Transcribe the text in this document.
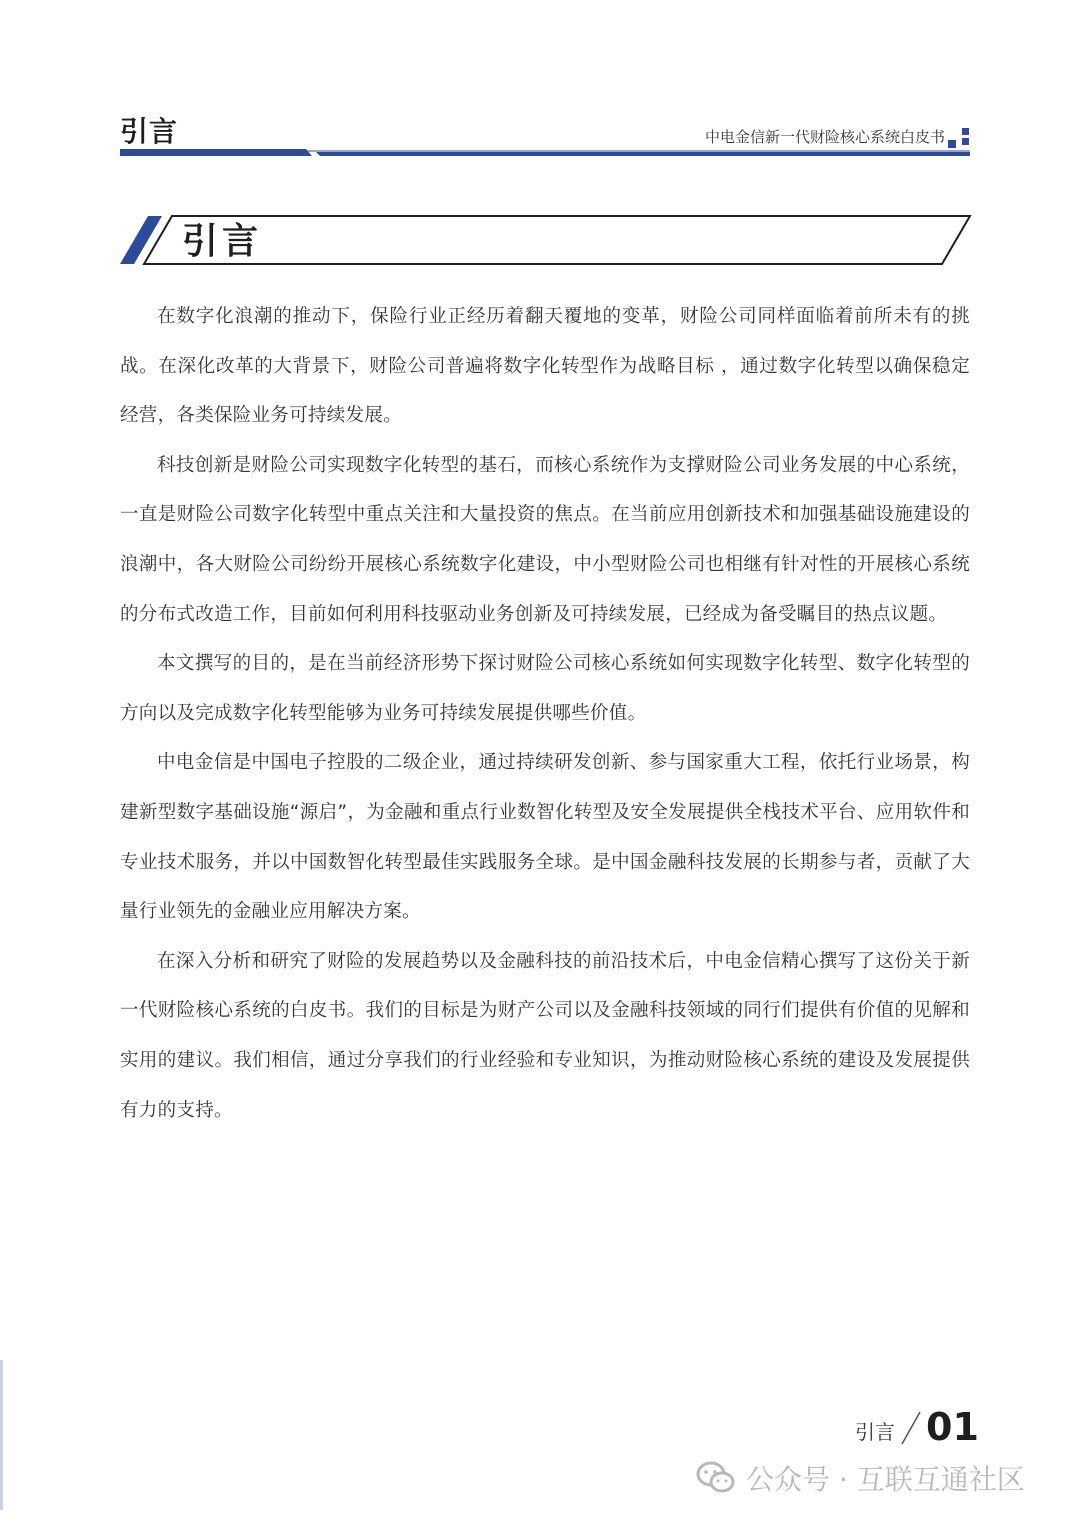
引言	中电金信新一代财险核心系统白皮书
引言

在数字化浪潮的推动下，保险行业正经历着翻天覆地的变革，财险公司同样面临着前所未有的挑战。在深化改革的大背景下，财险公司普遍将数字化转型作为战略目标 ，通过数字化转型以确保稳定经营，各类保险业务可持续发展。

科技创新是财险公司实现数字化转型的基石，而核心系统作为支撑财险公司业务发展的中心系统，一直是财险公司数字化转型中重点关注和大量投资的焦点。在当前应用创新技术和加强基础设施建设的浪潮中，各大财险公司纷纷开展核心系统数字化建设，中小型财险公司也相继有针对性的开展核心系统的分布式改造工作，目前如何利用科技驱动业务创新及可持续发展，已经成为备受瞩目的热点议题。

本文撰写的目的，是在当前经济形势下探讨财险公司核心系统如何实现数字化转型、数字化转型的方向以及完成数字化转型能够为业务可持续发展提供哪些价值。

中电金信是中国电子控股的二级企业，通过持续研发创新、参与国家重大工程，依托行业场景，构建新型数字基础设施“源启”，为金融和重点行业数智化转型及安全发展提供全栈技术平台、应用软件和专业技术服务，并以中国数智化转型最佳实践服务全球。是中国金融科技发展的长期参与者，贡献了大量行业领先的金融业应用解决方案。

在深入分析和研究了财险的发展趋势以及金融科技的前沿技术后，中电金信精心撰写了这份关于新一代财险核心系统的白皮书。我们的目标是为财产公司以及金融科技领域的同行们提供有价值的见解和实用的建议。我们相信，通过分享我们的行业经验和专业知识，为推动财险核心系统的建设及发展提供有力的支持。

引言 01
公众号 · 互联互通社区
